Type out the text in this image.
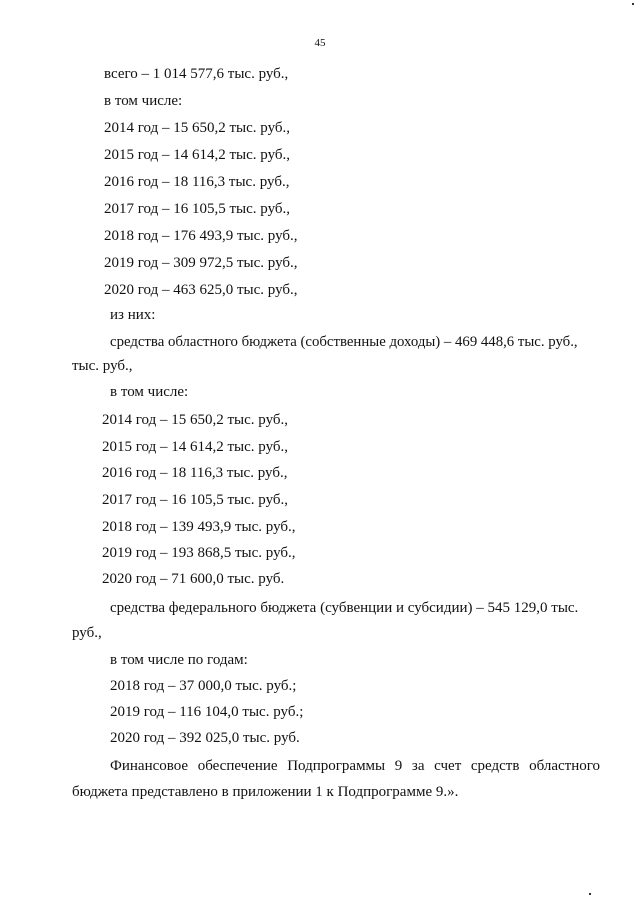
45
всего – 1 014 577,6 тыс. руб.,
в том числе:
2014 год – 15 650,2 тыс. руб.,
2015 год – 14 614,2 тыс. руб.,
2016 год – 18 116,3 тыс. руб.,
2017 год – 16 105,5 тыс. руб.,
2018 год – 176 493,9 тыс. руб.,
2019 год – 309 972,5 тыс. руб.,
2020 год – 463 625,0 тыс. руб.,
из них:
средства областного бюджета (собственные доходы) – 469 448,6 тыс. руб.,
тыс. руб.,
в том числе:
2014 год – 15 650,2 тыс. руб.,
2015 год – 14 614,2 тыс. руб.,
2016 год – 18 116,3 тыс. руб.,
2017 год – 16 105,5 тыс. руб.,
2018 год – 139 493,9 тыс. руб.,
2019 год – 193 868,5 тыс. руб.,
2020 год – 71 600,0 тыс. руб.
средства федерального бюджета (субвенции и субсидии) – 545 129,0 тыс.
руб.,
в том числе по годам:
2018 год – 37 000,0 тыс. руб.;
2019 год – 116 104,0 тыс. руб.;
2020 год – 392 025,0 тыс. руб.
Финансовое обеспечение Подпрограммы 9 за счет средств областного
бюджета представлено в приложении 1 к Подпрограмме 9.».
